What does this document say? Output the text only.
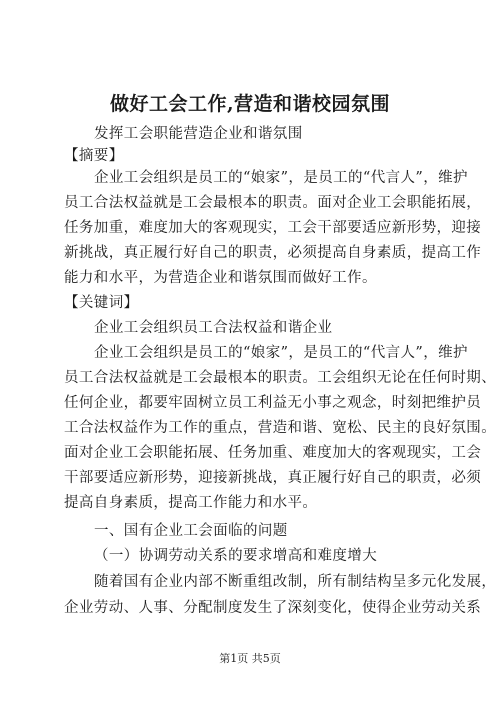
做好工会工作,营造和谐校园氛围
发挥工会职能营造企业和谐氛围
【摘要】
企业工会组织是员工的“娘家”，是员工的“代言人”，维护
员工合法权益就是工会最根本的职责。面对企业工会职能拓展，
任务加重，难度加大的客观现实，工会干部要适应新形势，迎接
新挑战，真正履行好自己的职责，必须提高自身素质，提高工作
能力和水平，为营造企业和谐氛围而做好工作。
【关键词】
企业工会组织员工合法权益和谐企业
企业工会组织是员工的“娘家”，是员工的“代言人”，维护
员工合法权益就是工会最根本的职责。工会组织无论在任何时期、
任何企业，都要牢固树立员工利益无小事之观念，时刻把维护员
工合法权益作为工作的重点，营造和谐、宽松、民主的良好氛围。
面对企业工会职能拓展、任务加重、难度加大的客观现实，工会
干部要适应新形势，迎接新挑战，真正履行好自己的职责，必须
提高自身素质，提高工作能力和水平。
一、国有企业工会面临的问题
（一）协调劳动关系的要求增高和难度增大
随着国有企业内部不断重组改制，所有制结构呈多元化发展，
企业劳动、人事、分配制度发生了深刻变化，使得企业劳动关系
第1页 共5页
